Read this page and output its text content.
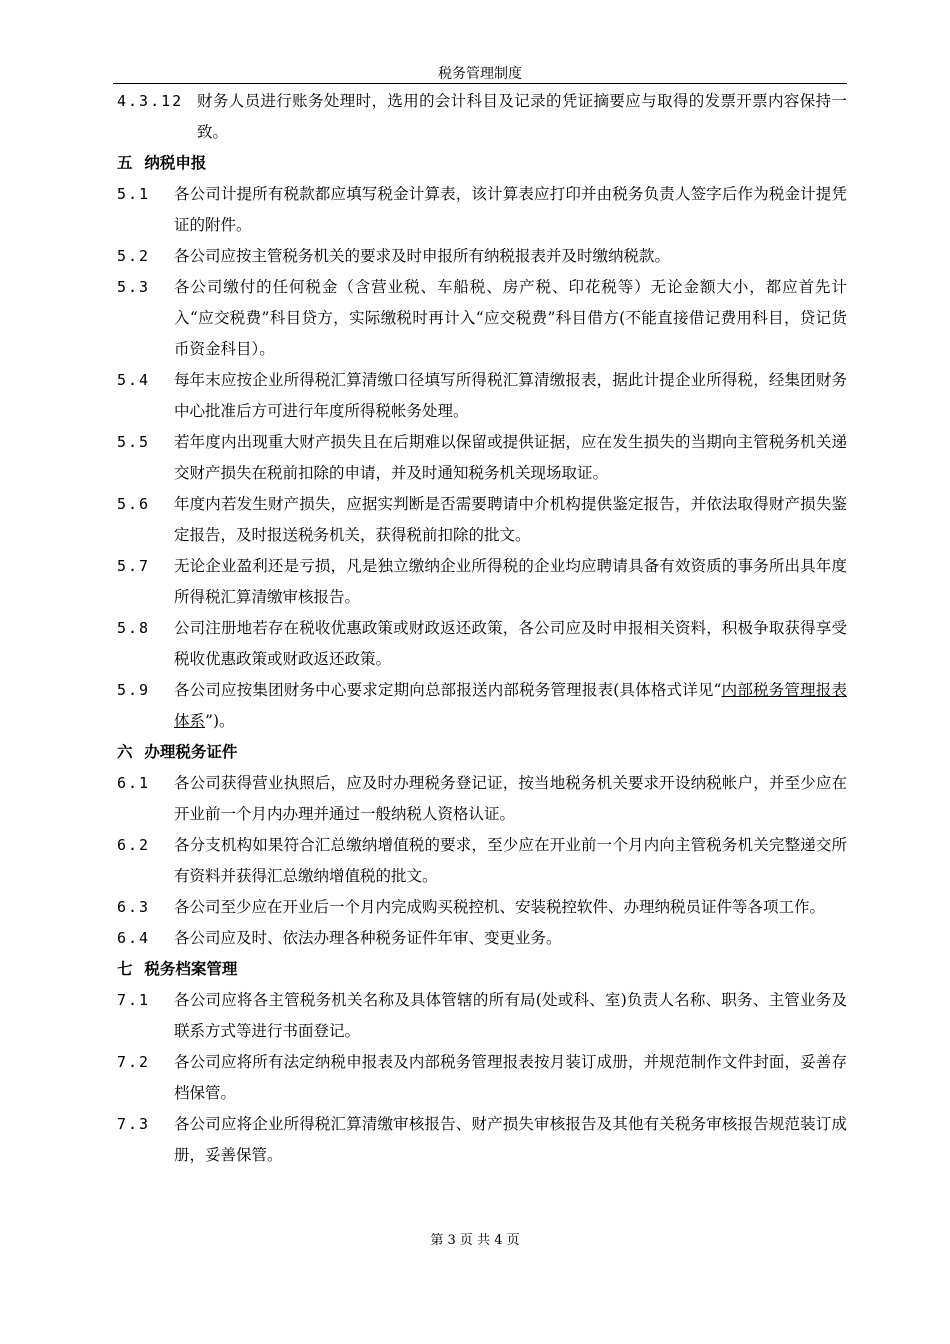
税务管理制度
4.3.12 财务人员进行账务处理时，选用的会计科目及记录的凭证摘要应与取得的发票开票内容保持一致。
五 纳税申报
5.1 各公司计提所有税款都应填写税金计算表，该计算表应打印并由税务负责人签字后作为税金计提凭证的附件。
5.2 各公司应按主管税务机关的要求及时申报所有纳税报表并及时缴纳税款。
5.3 各公司缴付的任何税金（含营业税、车船税、房产税、印花税等）无论金额大小，都应首先计入“应交税费”科目贷方，实际缴税时再计入“应交税费”科目借方(不能直接借记费用科目，贷记货币资金科目）。
5.4 每年末应按企业所得税汇算清缴口径填写所得税汇算清缴报表，据此计提企业所得税，经集团财务中心批准后方可进行年度所得税帐务处理。
5.5 若年度内出现重大财产损失且在后期难以保留或提供证据，应在发生损失的当期向主管税务机关递交财产损失在税前扣除的申请，并及时通知税务机关现场取证。
5.6 年度内若发生财产损失，应据实判断是否需要聘请中介机构提供鉴定报告，并依法取得财产损失鉴定报告，及时报送税务机关，获得税前扣除的批文。
5.7 无论企业盈利还是亏损，凡是独立缴纳企业所得税的企业均应聘请具备有效资质的事务所出具年度所得税汇算清缴审核报告。
5.8 公司注册地若存在税收优惠政策或财政返还政策，各公司应及时申报相关资料，积极争取获得享受税收优惠政策或财政返还政策。
5.9 各公司应按集团财务中心要求定期向总部报送内部税务管理报表(具体格式详见“内部税务管理报表体系”)。
六 办理税务证件
6.1 各公司获得营业执照后，应及时办理税务登记证，按当地税务机关要求开设纳税帐户，并至少应在开业前一个月内办理并通过一般纳税人资格认证。
6.2 各分支机构如果符合汇总缴纳增值税的要求，至少应在开业前一个月内向主管税务机关完整递交所有资料并获得汇总缴纳增值税的批文。
6.3 各公司至少应在开业后一个月内完成购买税控机、安装税控软件、办理纳税员证件等各项工作。
6.4 各公司应及时、依法办理各种税务证件年审、变更业务。
七 税务档案管理
7.1 各公司应将各主管税务机关名称及具体管辖的所有局(处或科、室)负责人名称、职务、主管业务及联系方式等进行书面登记。
7.2 各公司应将所有法定纳税申报表及内部税务管理报表按月装订成册，并规范制作文件封面，妥善存档保管。
7.3 各公司应将企业所得税汇算清缴审核报告、财产损失审核报告及其他有关税务审核报告规范装订成册，妥善保管。
第 3 页 共 4 页
